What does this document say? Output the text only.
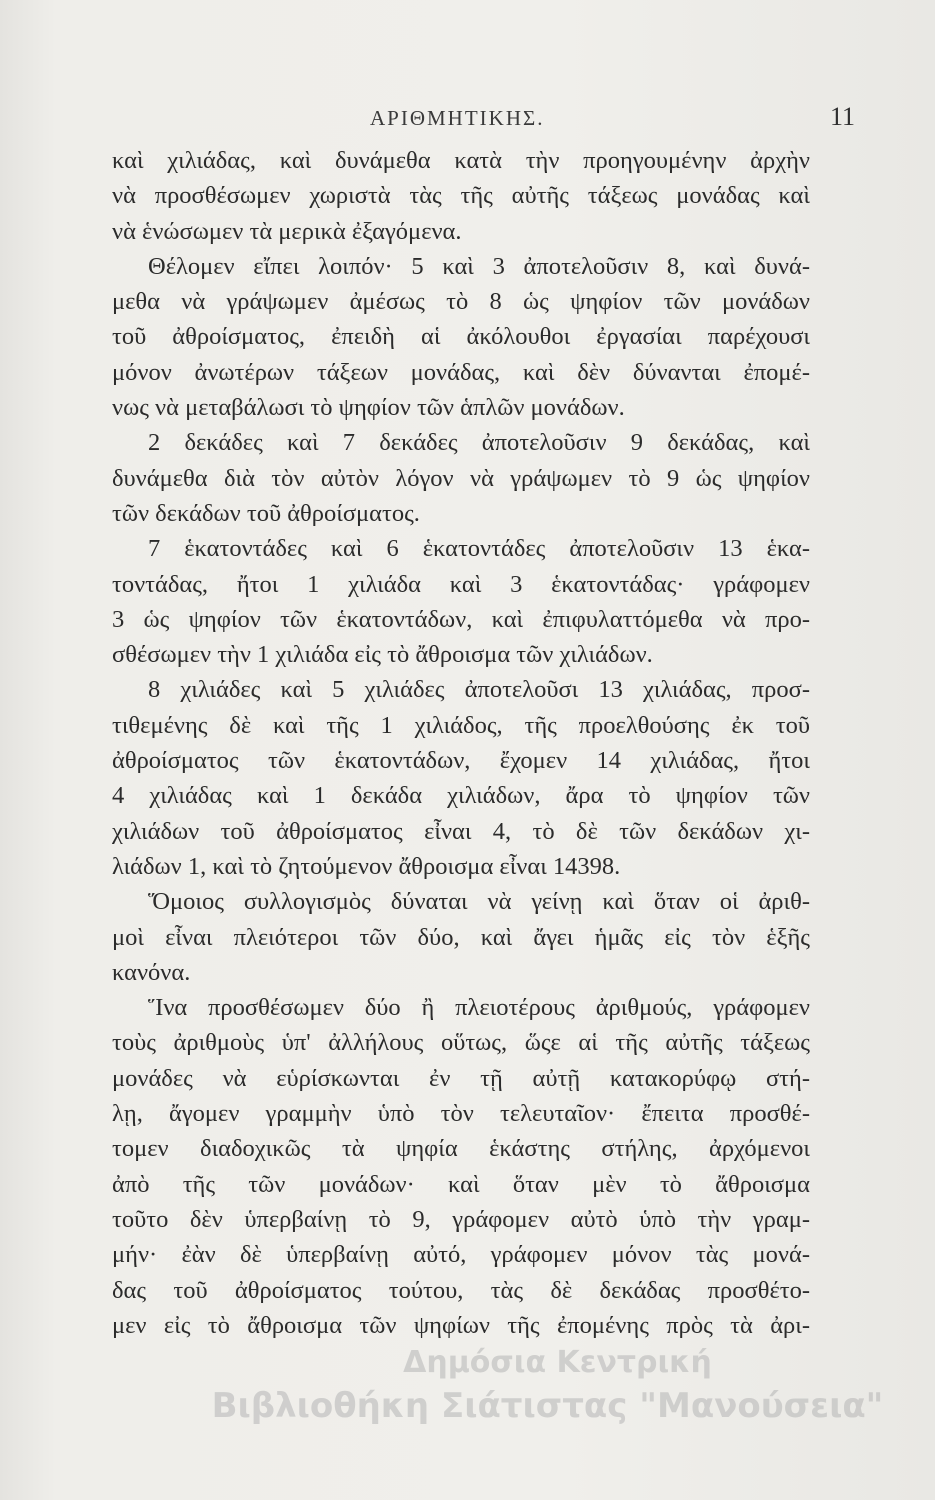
ΑΡΙΘΜΗΤΙΚΗΣ.	11
καὶ χιλιάδας, καὶ δυνάμεθα κατὰ τὴν προηγουμένην ἀρχὴν
νὰ προσθέσωμεν χωριστὰ τὰς τῆς αὐτῆς τάξεως μονάδας καὶ
νὰ ἑνώσωμεν τὰ μερικὰ ἐξαγόμενα.
Θέλομεν εἴπει λοιπόν· 5 καὶ 3 ἀποτελοῦσιν 8, καὶ δυνά-
μεθα νὰ γράψωμεν ἀμέσως τὸ 8 ὡς ψηφίον τῶν μονάδων
τοῦ ἀθροίσματος, ἐπειδὴ αἱ ἀκόλουθοι ἐργασίαι παρέχουσι
μόνον ἀνωτέρων τάξεων μονάδας, καὶ δὲν δύνανται ἐπομέ-
νως νὰ μεταβάλωσι τὸ ψηφίον τῶν ἁπλῶν μονάδων.
2 δεκάδες καὶ 7 δεκάδες ἀποτελοῦσιν 9 δεκάδας, καὶ
δυνάμεθα διὰ τὸν αὐτὸν λόγον νὰ γράψωμεν τὸ 9 ὡς ψηφίον
τῶν δεκάδων τοῦ ἀθροίσματος.
7 ἑκατοντάδες καὶ 6 ἑκατοντάδες ἀποτελοῦσιν 13 ἑκα-
τοντάδας, ἤτοι 1 χιλιάδα καὶ 3 ἑκατοντάδας· γράφομεν
3 ὡς ψηφίον τῶν ἑκατοντάδων, καὶ ἐπιφυλαττόμεθα νὰ προ-
σθέσωμεν τὴν 1 χιλιάδα εἰς τὸ ἄθροισμα τῶν χιλιάδων.
8 χιλιάδες καὶ 5 χιλιάδες ἀποτελοῦσι 13 χιλιάδας, προσ-
τιθεμένης δὲ καὶ τῆς 1 χιλιάδος, τῆς προελθούσης ἐκ τοῦ
ἀθροίσματος τῶν ἑκατοντάδων, ἔχομεν 14 χιλιάδας, ἤτοι
4 χιλιάδας καὶ 1 δεκάδα χιλιάδων, ἄρα τὸ ψηφίον τῶν
χιλιάδων τοῦ ἀθροίσματος εἶναι 4, τὸ δὲ τῶν δεκάδων χι-
λιάδων 1, καὶ τὸ ζητούμενον ἄθροισμα εἶναι 14398.
Ὅμοιος συλλογισμὸς δύναται νὰ γείνῃ καὶ ὅταν οἱ ἀριθ-
μοὶ εἶναι πλειότεροι τῶν δύο, καὶ ἄγει ἡμᾶς εἰς τὸν ἑξῆς
κανόνα.
Ἵνα προσθέσωμεν δύο ἢ πλειοτέρους ἀριθμούς, γράφομεν
τοὺς ἀριθμοὺς ὑπ' ἀλλήλους οὕτως, ὥςε αἱ τῆς αὐτῆς τάξεως
μονάδες νὰ εὑρίσκωνται ἐν τῇ αὐτῇ κατακορύφῳ στή-
λῃ, ἄγομεν γραμμὴν ὑπὸ τὸν τελευταῖον· ἔπειτα προσθέ-
τομεν διαδοχικῶς τὰ ψηφία ἑκάστης στήλης, ἀρχόμενοι
ἀπὸ τῆς τῶν μονάδων· καὶ ὅταν μὲν τὸ ἄθροισμα
τοῦτο δὲν ὑπερβαίνῃ τὸ 9, γράφομεν αὐτὸ ὑπὸ τὴν γραμ-
μήν· ἐὰν δὲ ὑπερβαίνῃ αὐτό, γράφομεν μόνον τὰς μονά-
δας τοῦ ἀθροίσματος τούτου, τὰς δὲ δεκάδας προσθέτο-
μεν εἰς τὸ ἄθροισμα τῶν ψηφίων τῆς ἐπομένης πρὸς τὰ ἀρι-
Δημόσια Κεντρική
Βιβλιοθήκη Σιάτιστας "Μανούσεια"
